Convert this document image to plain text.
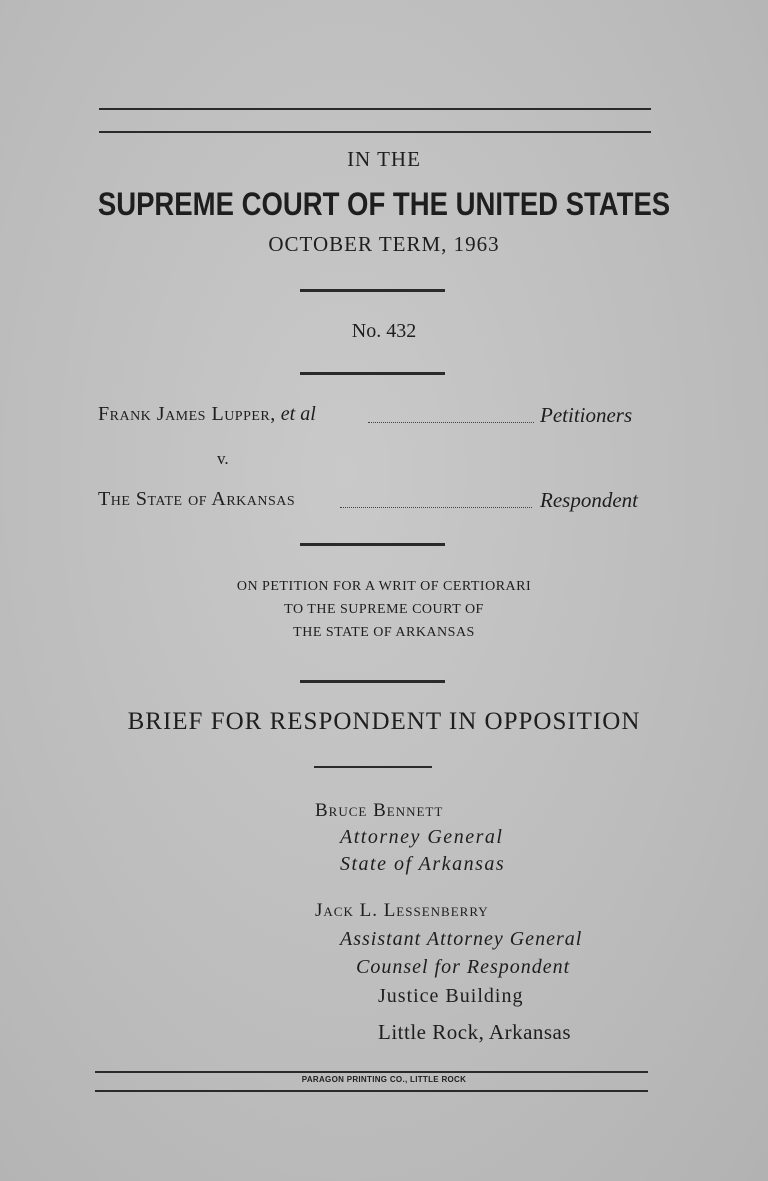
IN THE
SUPREME COURT OF THE UNITED STATES
OCTOBER TERM, 1963
No. 432
Frank James Lupper, et al	Petitioners
v.
The State of Arkansas	Respondent
ON PETITION FOR A WRIT OF CERTIORARI
TO THE SUPREME COURT OF
THE STATE OF ARKANSAS
BRIEF FOR RESPONDENT IN OPPOSITION
Bruce Bennett
Attorney General
State of Arkansas
Jack L. Lessenberry
Assistant Attorney General
Counsel for Respondent
Justice Building
Little Rock, Arkansas
PARAGON PRINTING CO., LITTLE ROCK
